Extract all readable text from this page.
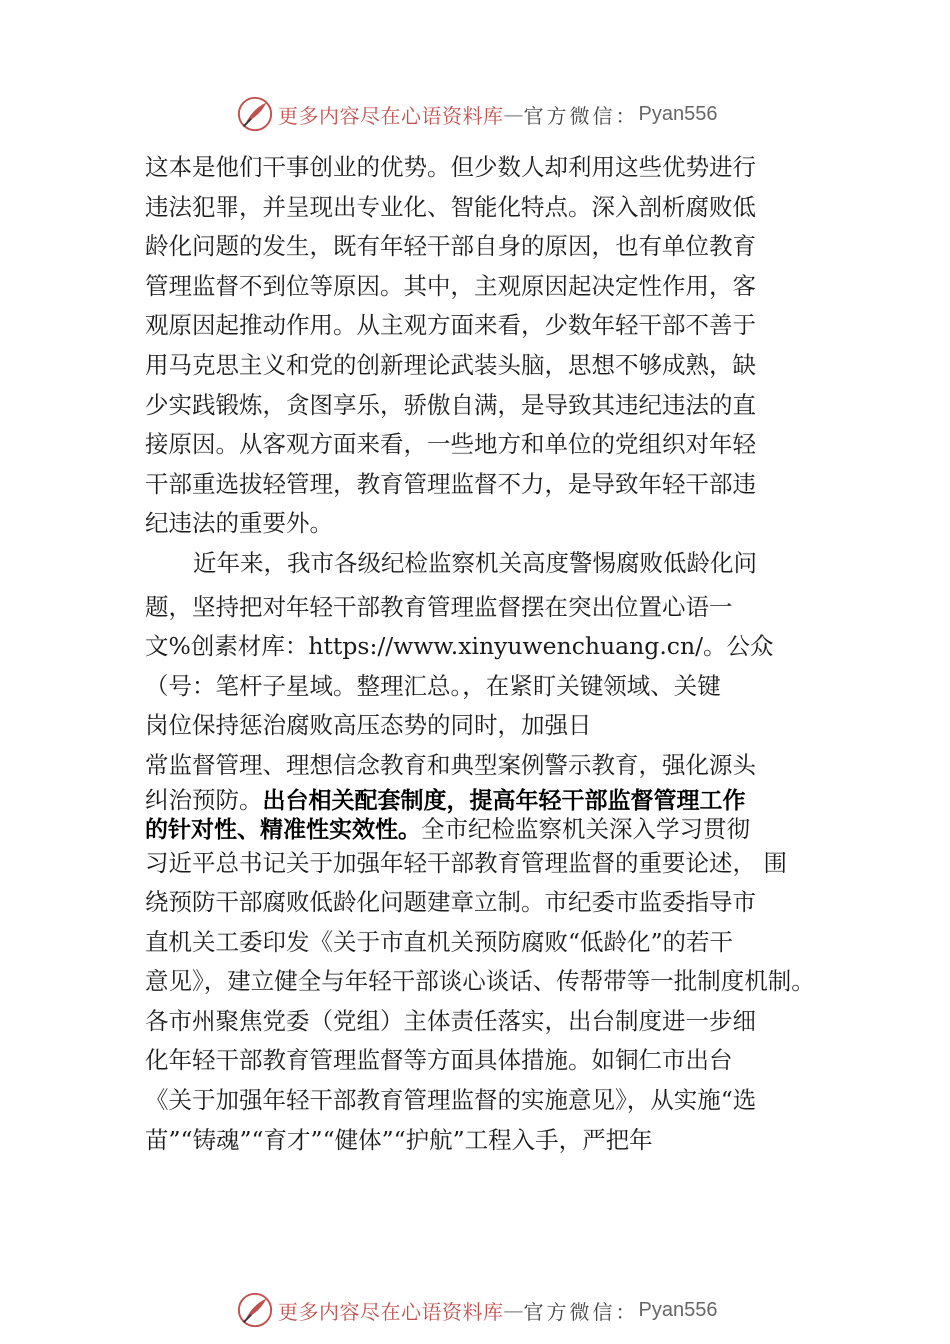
更多内容尽在心语资料库 — 官方微信： Pyan556
这本是他们干事创业的优势。但少数人却利用这些优势进行
违法犯罪，并呈现出专业化、智能化特点。深入剖析腐败低
龄化问题的发生，既有年轻干部自身的原因，也有单位教育
管理监督不到位等原因。其中，主观原因起决定性作用，客
观原因起推动作用。从主观方面来看，少数年轻干部不善于
用马克思主义和党的创新理论武装头脑，思想不够成熟，缺
少实践锻炼，贪图享乐，骄傲自满，是导致其违纪违法的直
接原因。从客观方面来看，一些地方和单位的党组织对年轻
干部重选拔轻管理，教育管理监督不力，是导致年轻干部违
纪违法的重要外。
近年来，我市各级纪检监察机关高度警惕腐败低龄化问
题，坚持把对年轻干部教育管理监督摆在突出位置心语一
文%创素材库：https://www.xinyuwenchuang.cn/。公众
（号：笔杆子星域。整理汇总。，在紧盯关键领域、关键
岗位保持惩治腐败高压态势的同时，加强日
常监督管理、理想信念教育和典型案例警示教育，强化源头
纠治预防。出台相关配套制度，提高年轻干部监督管理工作
的针对性、精准性实效性。全市纪检监察机关深入学习贯彻
习近平总书记关于加强年轻干部教育管理监督的重要论述， 围
绕预防干部腐败低龄化问题建章立制。市纪委市监委指导市
直机关工委印发《关于市直机关预防腐败“低龄化”的若干
意见》，建立健全与年轻干部谈心谈话、传帮带等一批制度机制。
各市州聚焦党委（党组）主体责任落实，出台制度进一步细
化年轻干部教育管理监督等方面具体措施。如铜仁市出台
《关于加强年轻干部教育管理监督的实施意见》，从实施“选
苗”“铸魂”“育才”“健体”“护航”工程入手，严把年
更多内容尽在心语资料库 — 官方微信： Pyan556
